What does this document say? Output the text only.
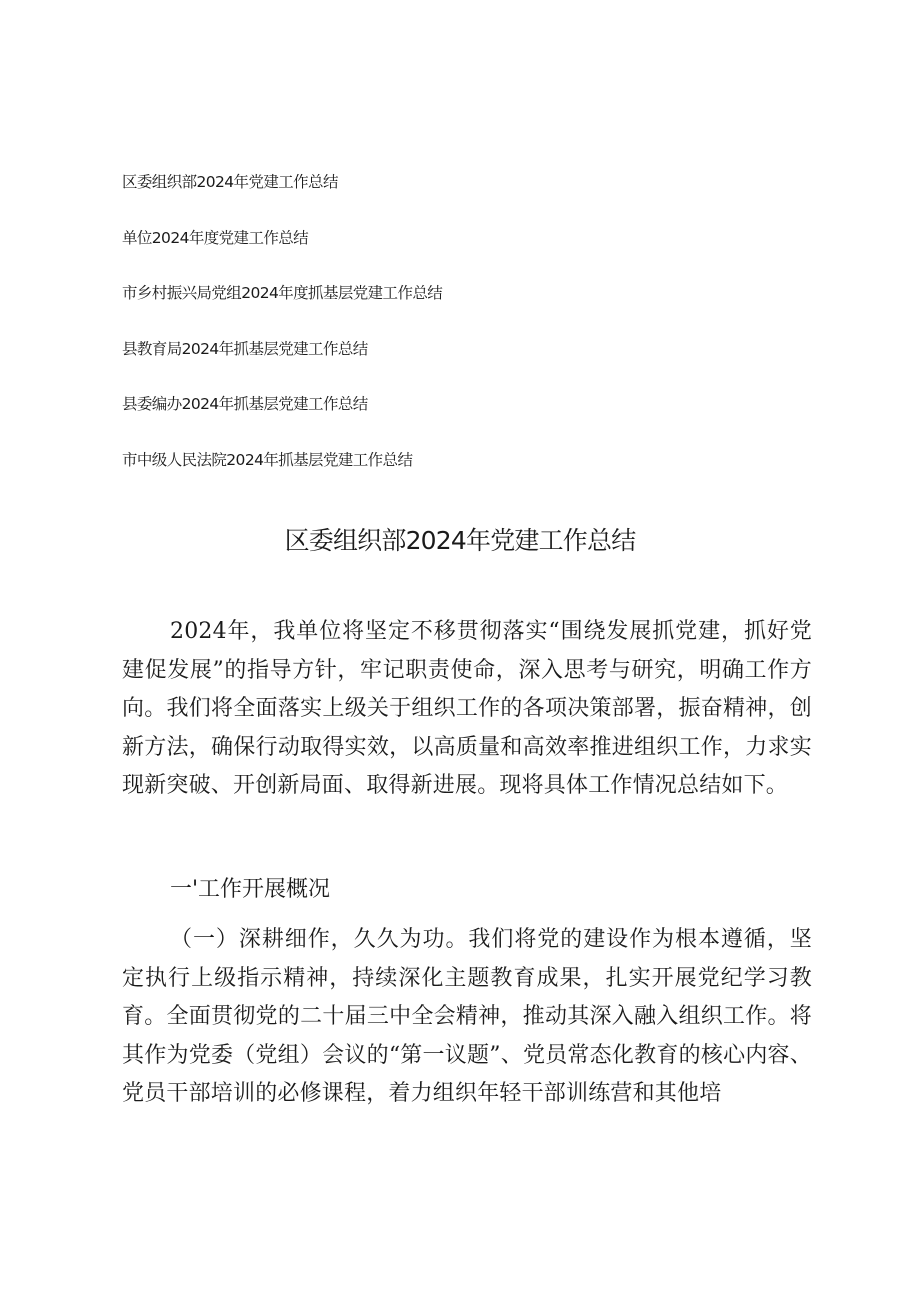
区委组织部2024年党建工作总结
单位2024年度党建工作总结
市乡村振兴局党组2024年度抓基层党建工作总结
县教育局2024年抓基层党建工作总结
县委编办2024年抓基层党建工作总结
市中级人民法院2024年抓基层党建工作总结
区委组织部2024年党建工作总结

2024年，我单位将坚定不移贯彻落实“围绕发展抓党建，抓好党建促发展”的指导方针，牢记职责使命，深入思考与研究，明确工作方向。我们将全面落实上级关于组织工作的各项决策部署，振奋精神，创新方法，确保行动取得实效，以高质量和高效率推进组织工作，力求实现新突破、开创新局面、取得新进展。现将具体工作情况总结如下。

一'工作开展概况

（一）深耕细作，久久为功。我们将党的建设作为根本遵循，坚定执行上级指示精神，持续深化主题教育成果，扎实开展党纪学习教育。全面贯彻党的二十届三中全会精神，推动其深入融入组织工作。将其作为党委（党组）会议的“第一议题”、党员常态化教育的核心内容、党员干部培训的必修课程，着力组织年轻干部训练营和其他培
